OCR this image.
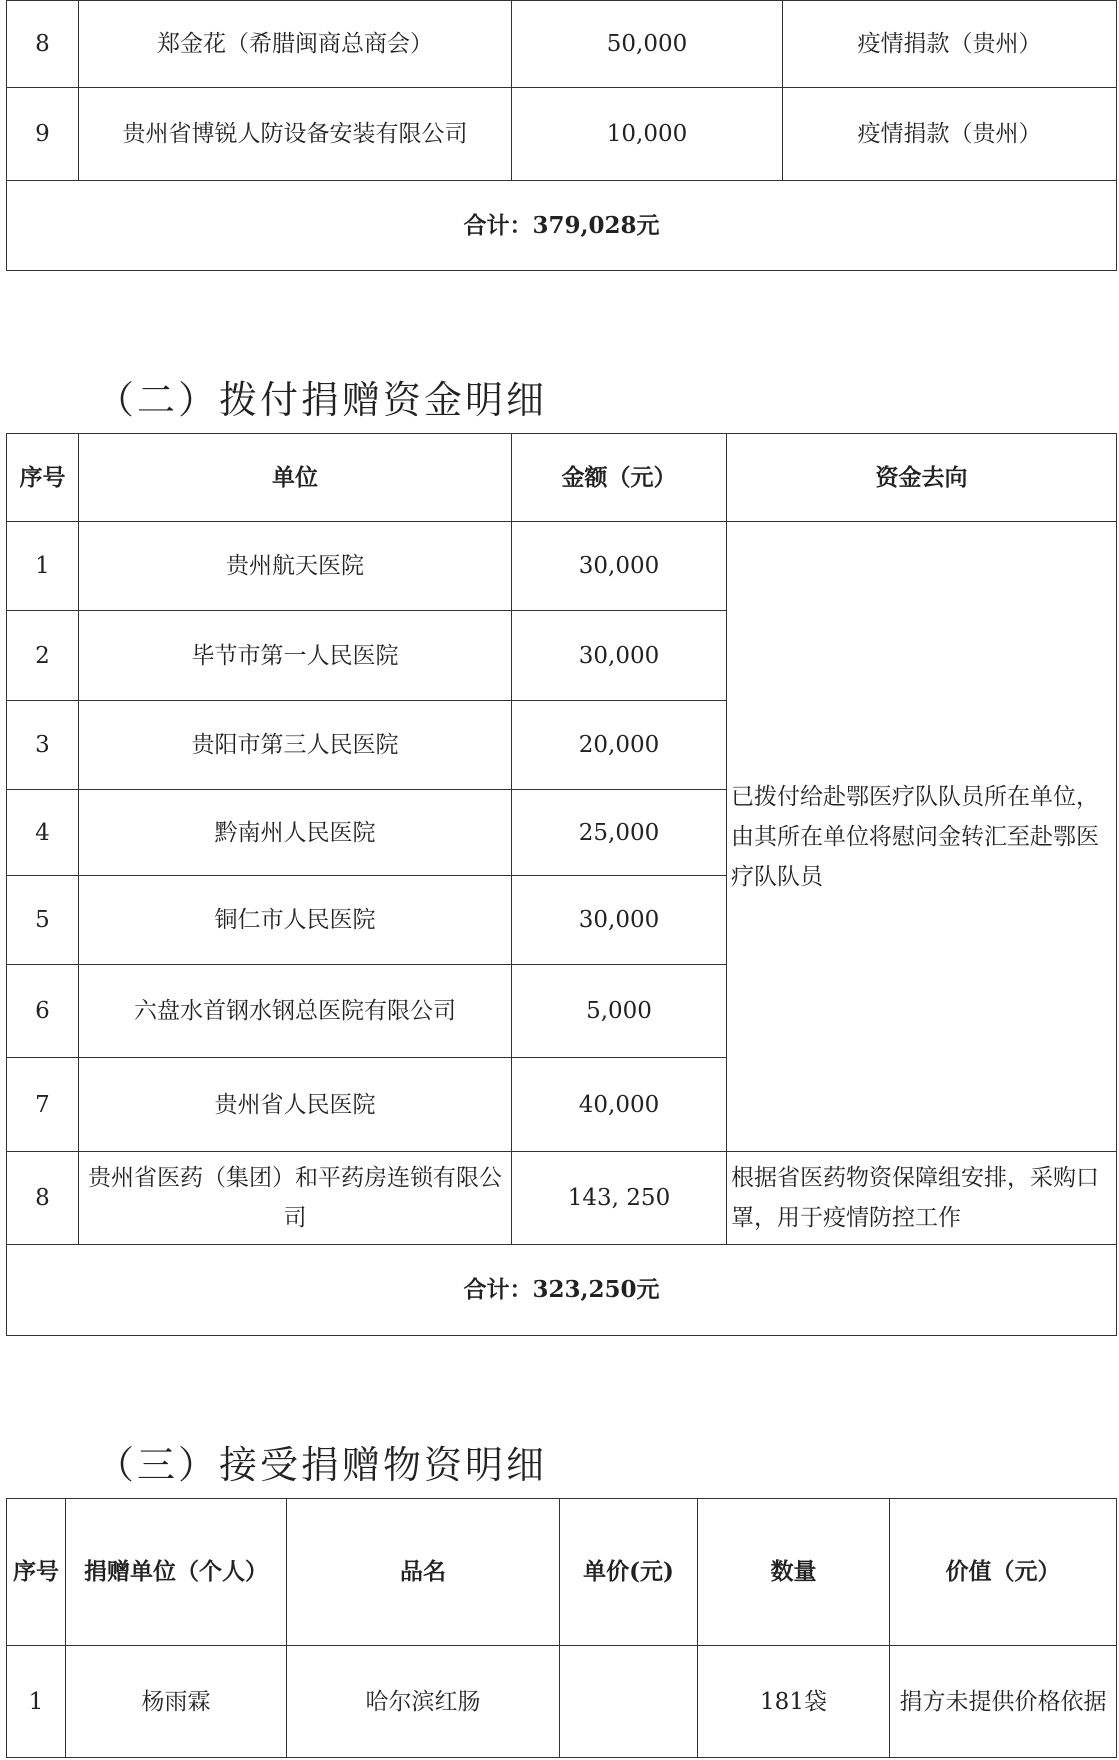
8	郑金花（希腊闽商总商会）	50,000	疫情捐款（贵州）
9	贵州省博锐人防设备安装有限公司	10,000	疫情捐款（贵州）
合计：379,028元			
（二）拨付捐赠资金明细
序号	单位	金额（元）	资金去向
1	贵州航天医院	30,000	已拨付给赴鄂医疗队队员所在单位，由其所在单位将慰问金转汇至赴鄂医疗队队员
2	毕节市第一人民医院	30,000	
3	贵阳市第三人民医院	20,000	
4	黔南州人民医院	25,000	
5	铜仁市人民医院	30,000	
6	六盘水首钢水钢总医院有限公司	5,000	
7	贵州省人民医院	40,000	
8	贵州省医药（集团）和平药房连锁有限公司	143, 250	根据省医药物资保障组安排，采购口罩，用于疫情防控工作
合计：323,250元			
（三）接受捐赠物资明细
序号	捐赠单位（个人）	品名	单价(元)	数量	价值（元）
1	杨雨霖	哈尔滨红肠		181袋	捐方未提供价格依据
